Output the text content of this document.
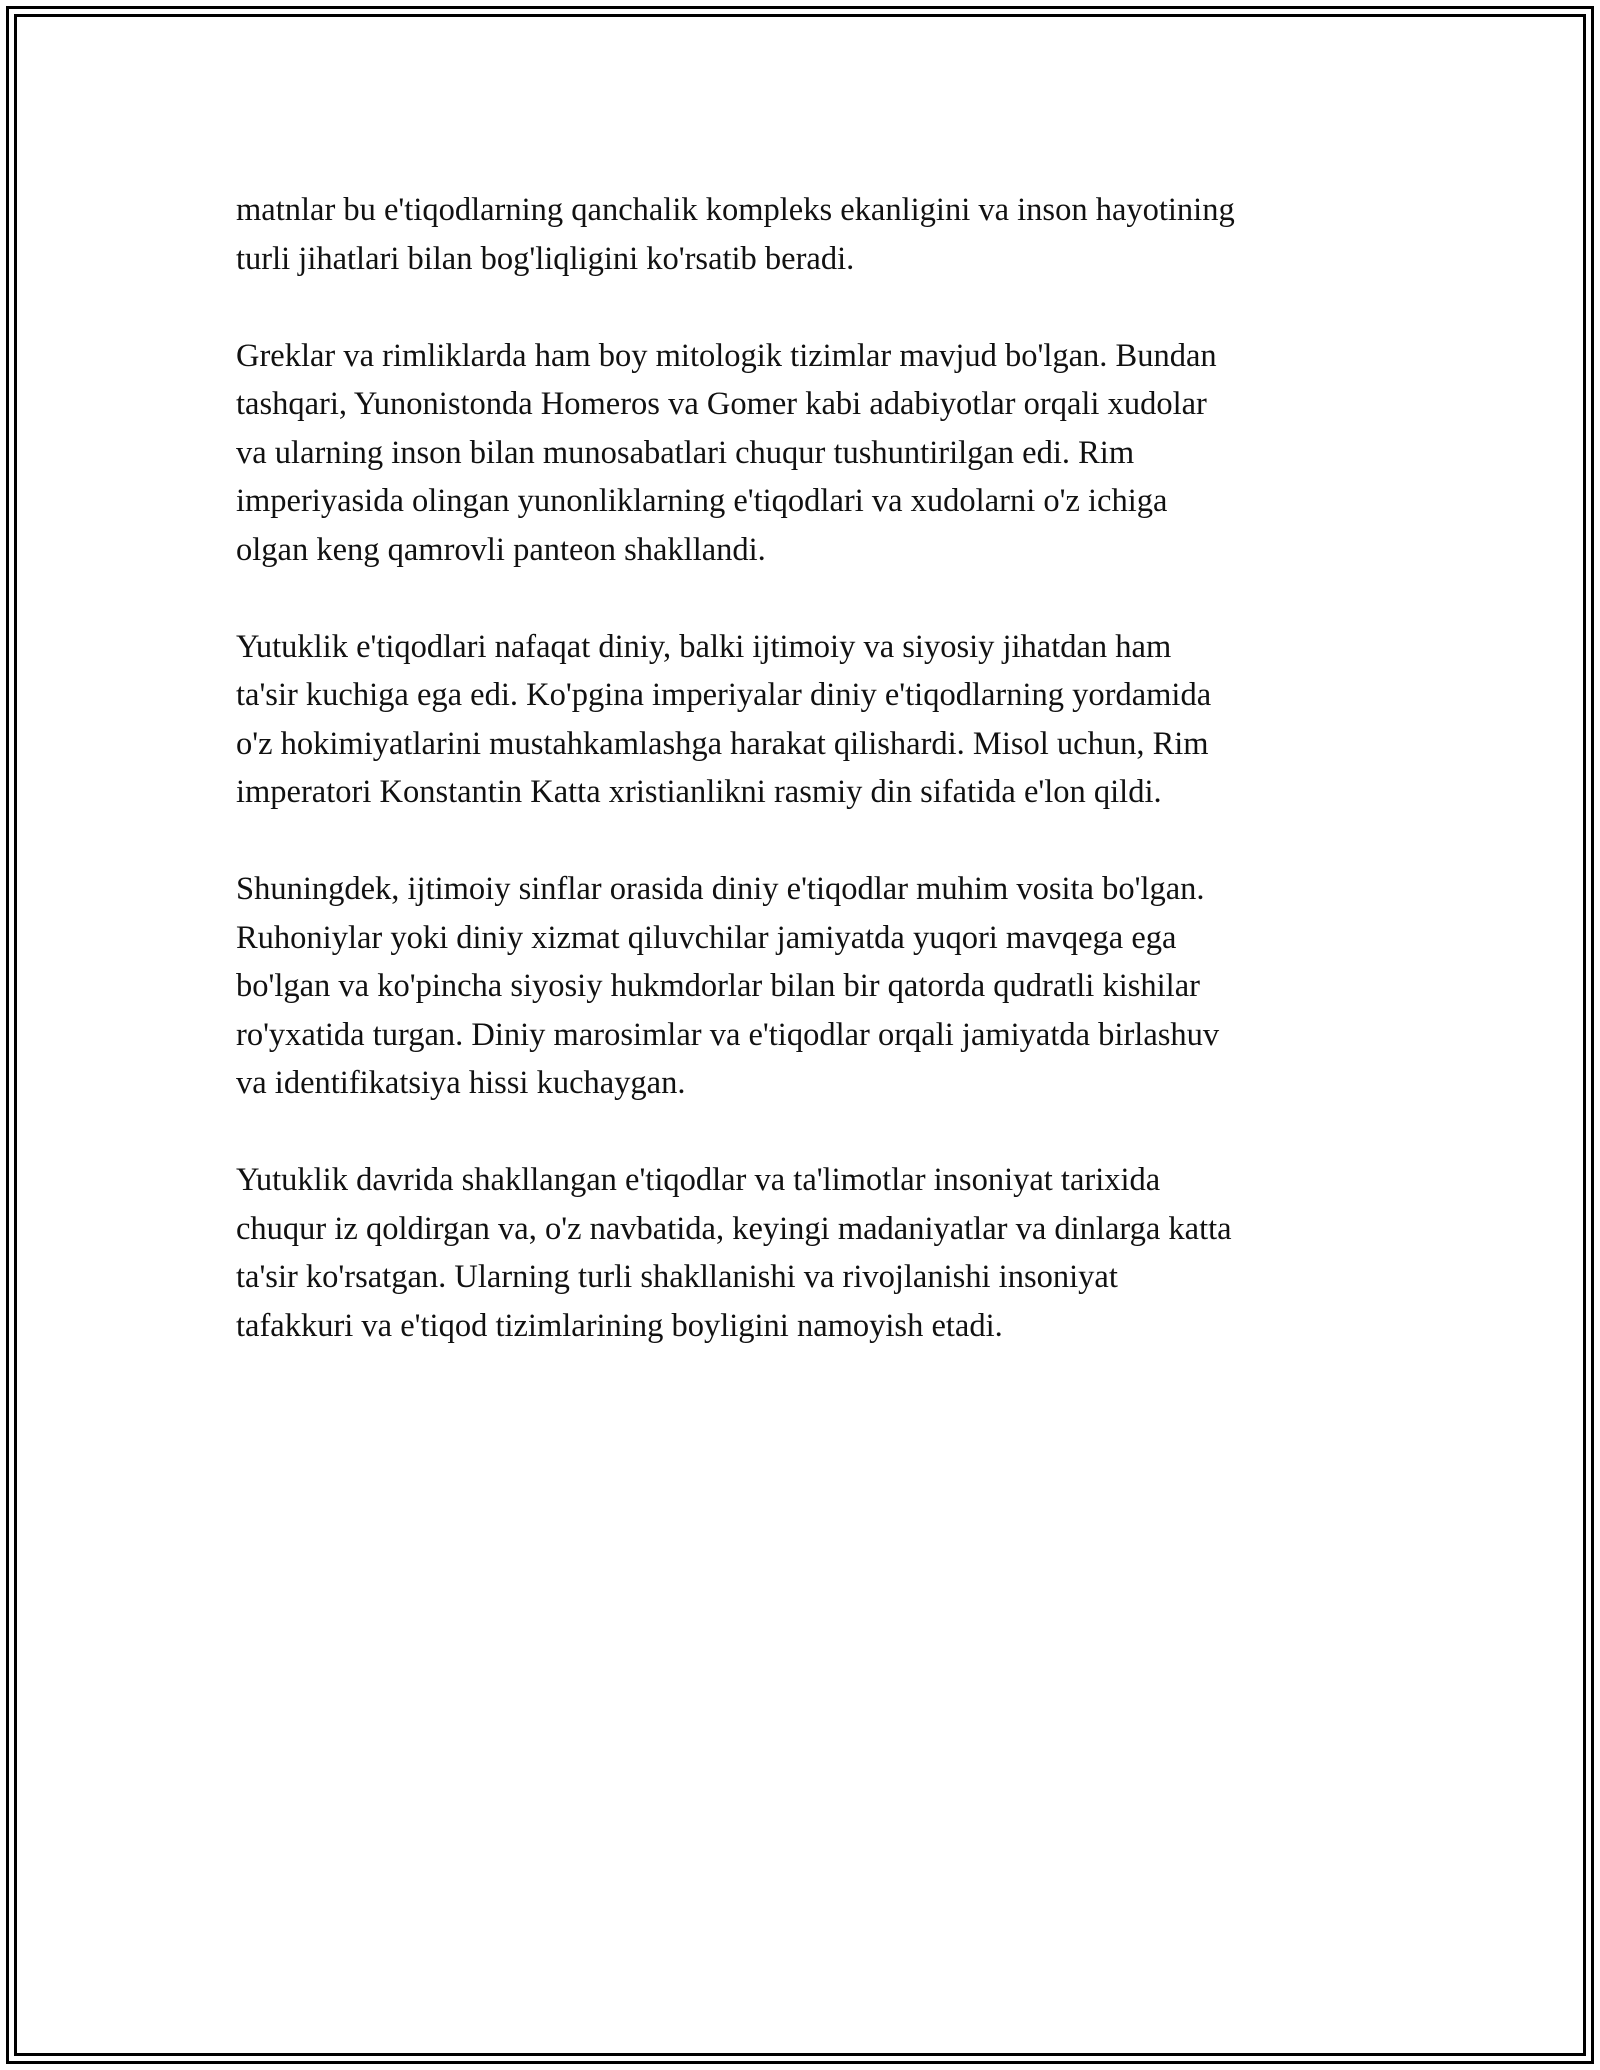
matnlar bu e'tiqodlarning qanchalik kompleks ekanligini va inson hayotining
turli jihatlari bilan bog'liqligini ko'rsatib beradi.

Greklar va rimliklarda ham boy mitologik tizimlar mavjud bo'lgan. Bundan
tashqari, Yunonistonda Homeros va Gomer kabi adabiyotlar orqali xudolar
va ularning inson bilan munosabatlari chuqur tushuntirilgan edi. Rim
imperiyasida olingan yunonliklarning e'tiqodlari va xudolarni o'z ichiga
olgan keng qamrovli panteon shakllandi.

Yutuklik e'tiqodlari nafaqat diniy, balki ijtimoiy va siyosiy jihatdan ham
ta'sir kuchiga ega edi. Ko'pgina imperiyalar diniy e'tiqodlarning yordamida
o'z hokimiyatlarini mustahkamlashga harakat qilishardi. Misol uchun, Rim
imperatori Konstantin Katta xristianlikni rasmiy din sifatida e'lon qildi.

Shuningdek, ijtimoiy sinflar orasida diniy e'tiqodlar muhim vosita bo'lgan.
Ruhoniylar yoki diniy xizmat qiluvchilar jamiyatda yuqori mavqega ega
bo'lgan va ko'pincha siyosiy hukmdorlar bilan bir qatorda qudratli kishilar
ro'yxatida turgan. Diniy marosimlar va e'tiqodlar orqali jamiyatda birlashuv
va identifikatsiya hissi kuchaygan.

Yutuklik davrida shakllangan e'tiqodlar va ta'limotlar insoniyat tarixida
chuqur iz qoldirgan va, o'z navbatida, keyingi madaniyatlar va dinlarga katta
ta'sir ko'rsatgan. Ularning turli shakllanishi va rivojlanishi insoniyat
tafakkuri va e'tiqod tizimlarining boyligini namoyish etadi.
